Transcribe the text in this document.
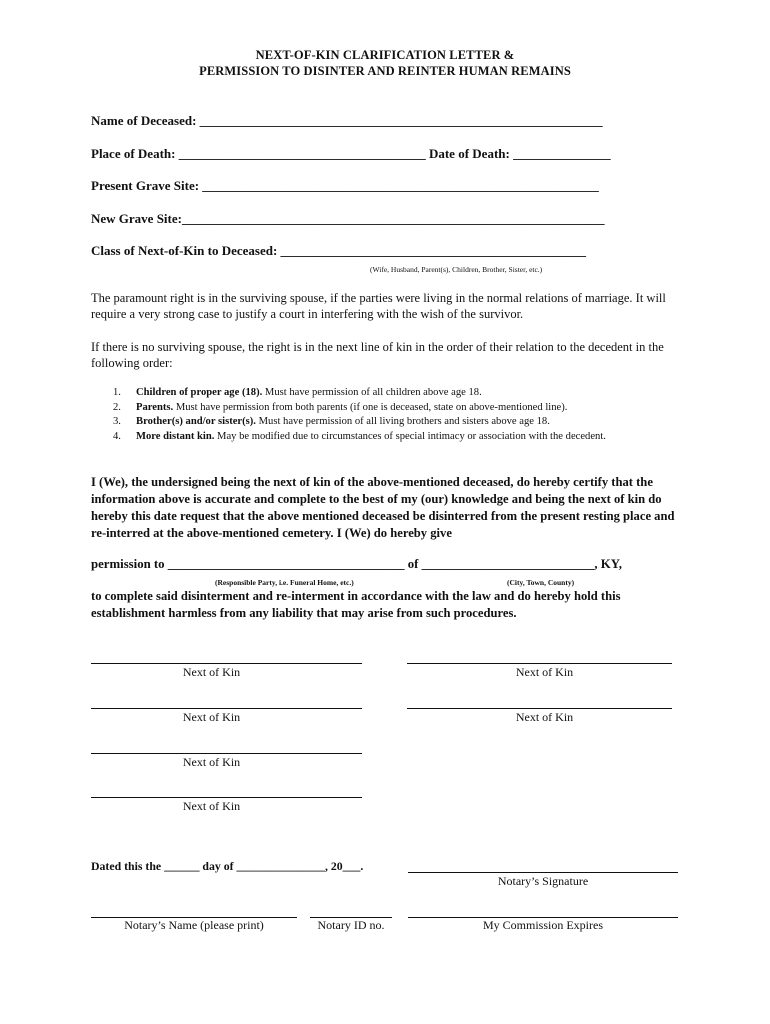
NEXT-OF-KIN CLARIFICATION LETTER &
PERMISSION TO DISINTER AND REINTER HUMAN REMAINS
Name of Deceased: ______________________________________________________________
Place of Death: ______________________________________ Date of Death: _______________
Present Grave Site: _____________________________________________________________
New Grave Site:_________________________________________________________________
Class of Next-of-Kin to Deceased: _______________________________________________
(Wife, Husband, Parent(s), Children, Brother, Sister, etc.)
The paramount right is in the surviving spouse, if the parties were living in the normal relations of marriage. It will require a very strong case to justify a court in interfering with the wish of the survivor.
If there is no surviving spouse, the right is in the next line of kin in the order of their relation to the decedent in the following order:
1.	Children of proper age (18). Must have permission of all children above age 18.
2.	Parents. Must have permission from both parents (if one is deceased, state on above-mentioned line).
3.	Brother(s) and/or sister(s). Must have permission of all living brothers and sisters above age 18.
4.	More distant kin. May be modified due to circumstances of special intimacy or association with the decedent.
I (We), the undersigned being the next of kin of the above-mentioned deceased, do hereby certify that the information above is accurate and complete to the best of my (our) knowledge and being the next of kin do hereby this date request that the above mentioned deceased be disinterred from the present resting place and re-interred at the above-mentioned cemetery. I (We) do hereby give
permission to _____________________________________ of ___________________________, KY,
(Responsible Party, i.e. Funeral Home, etc.)	(City, Town, County)
to complete said disinterment and re-interment in accordance with the law and do hereby hold this establishment harmless from any liability that may arise from such procedures.
Next of Kin	Next of Kin
Next of Kin	Next of Kin
Next of Kin
Next of Kin
Dated this the ______ day of _______________, 20___.
Notary’s Signature
Notary’s Name (please print)	Notary ID no.	My Commission Expires
